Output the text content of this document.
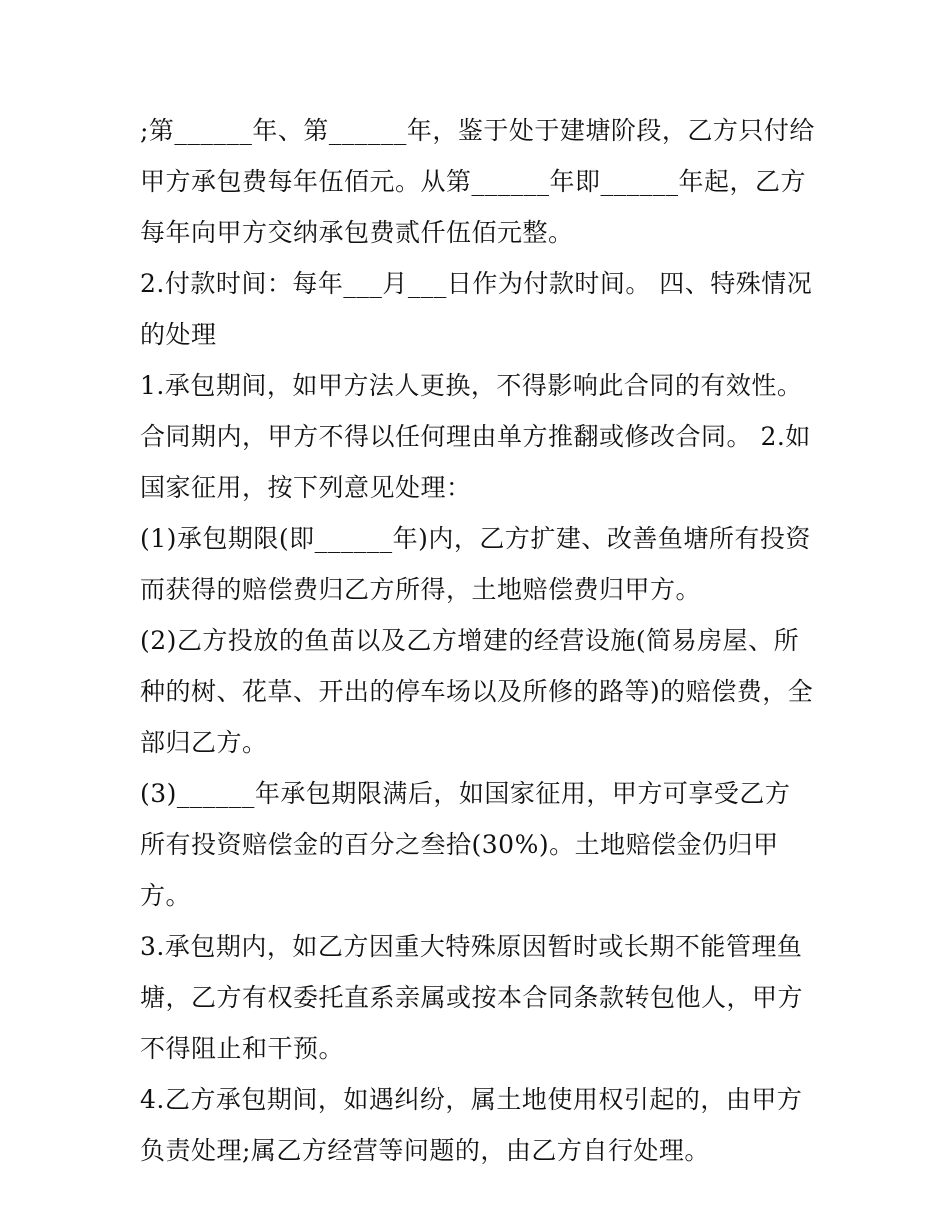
;第______年、第______年，鉴于处于建塘阶段，乙方只付给甲方承包费每年伍佰元。从第______年即______年起，乙方每年向甲方交纳承包费贰仟伍佰元整。

2.付款时间：每年___月___日作为付款时间。 四、特殊情况的处理

1.承包期间，如甲方法人更换，不得影响此合同的有效性。合同期内，甲方不得以任何理由单方推翻或修改合同。 2.如国家征用，按下列意见处理：

(1)承包期限(即______年)内，乙方扩建、改善鱼塘所有投资而获得的赔偿费归乙方所得，土地赔偿费归甲方。

(2)乙方投放的鱼苗以及乙方增建的经营设施(简易房屋、所种的树、花草、开出的停车场以及所修的路等)的赔偿费，全部归乙方。

(3)______年承包期限满后，如国家征用，甲方可享受乙方所有投资赔偿金的百分之叁拾(30%)。土地赔偿金仍归甲方。

3.承包期内，如乙方因重大特殊原因暂时或长期不能管理鱼塘，乙方有权委托直系亲属或按本合同条款转包他人，甲方不得阻止和干预。

4.乙方承包期间，如遇纠纷，属土地使用权引起的，由甲方负责处理;属乙方经营等问题的，由乙方自行处理。
